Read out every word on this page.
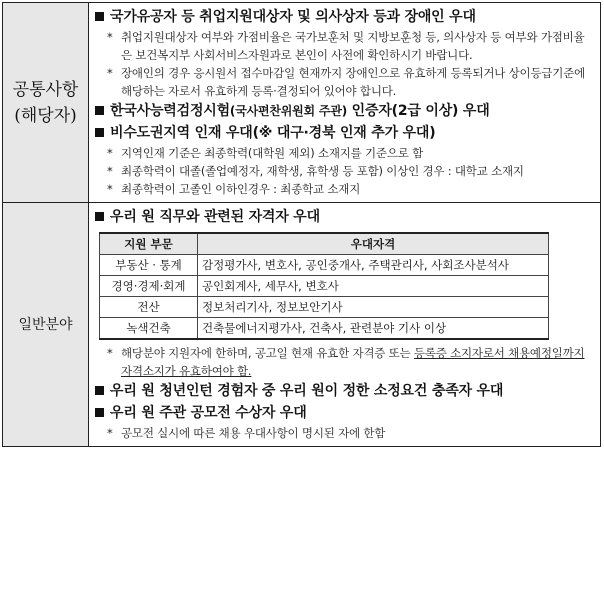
공통사항
(해당자)

국가유공자 등 취업지원대상자 및 의사상자 등과 장애인 우대
* 취업지원대상자 여부와 가점비율은 국가보훈처 및 지방보훈청 등, 의사상자 등 여부와 가점비율은 보건복지부 사회서비스자원과로 본인이 사전에 확인하시기 바랍니다.
* 장애인의 경우 응시원서 접수마감일 현재까지 장애인으로 유효하게 등록되거나 상이등급기준에 해당하는 자로서 유효하게 등록·결정되어 있어야 합니다.
한국사능력검정시험(국사편찬위원회 주관) 인증자(2급 이상) 우대
비수도권지역 인재 우대(※ 대구·경북 인재 추가 우대)
* 지역인재 기준은 최종학력(대학원 제외) 소재지를 기준으로 함
* 최종학력이 대졸(졸업예정자, 재학생, 휴학생 등 포함) 이상인 경우 : 대학교 소재지
* 최종학력이 고졸인 이하인경우 : 최종학교 소재지

일반분야

우리 원 직무와 관련된 자격자 우대
지원 부문	우대자격
부동산 · 통계	감정평가사, 변호사, 공인중개사, 주택관리사, 사회조사분석사
경영·경제·회계	공인회계사, 세무사, 변호사
전산	정보처리기사, 정보보안기사
녹색건축	건축물에너지평가사, 건축사, 관련분야 기사 이상
* 해당분야 지원자에 한하며, 공고일 현재 유효한 자격증 또는 등록증 소지자로서 채용예정일까지 자격소지가 유효하여야 함.
우리 원 청년인턴 경험자 중 우리 원이 정한 소정요건 충족자 우대
우리 원 주관 공모전 수상자 우대
* 공모전 실시에 따른 채용 우대사항이 명시된 자에 한함
